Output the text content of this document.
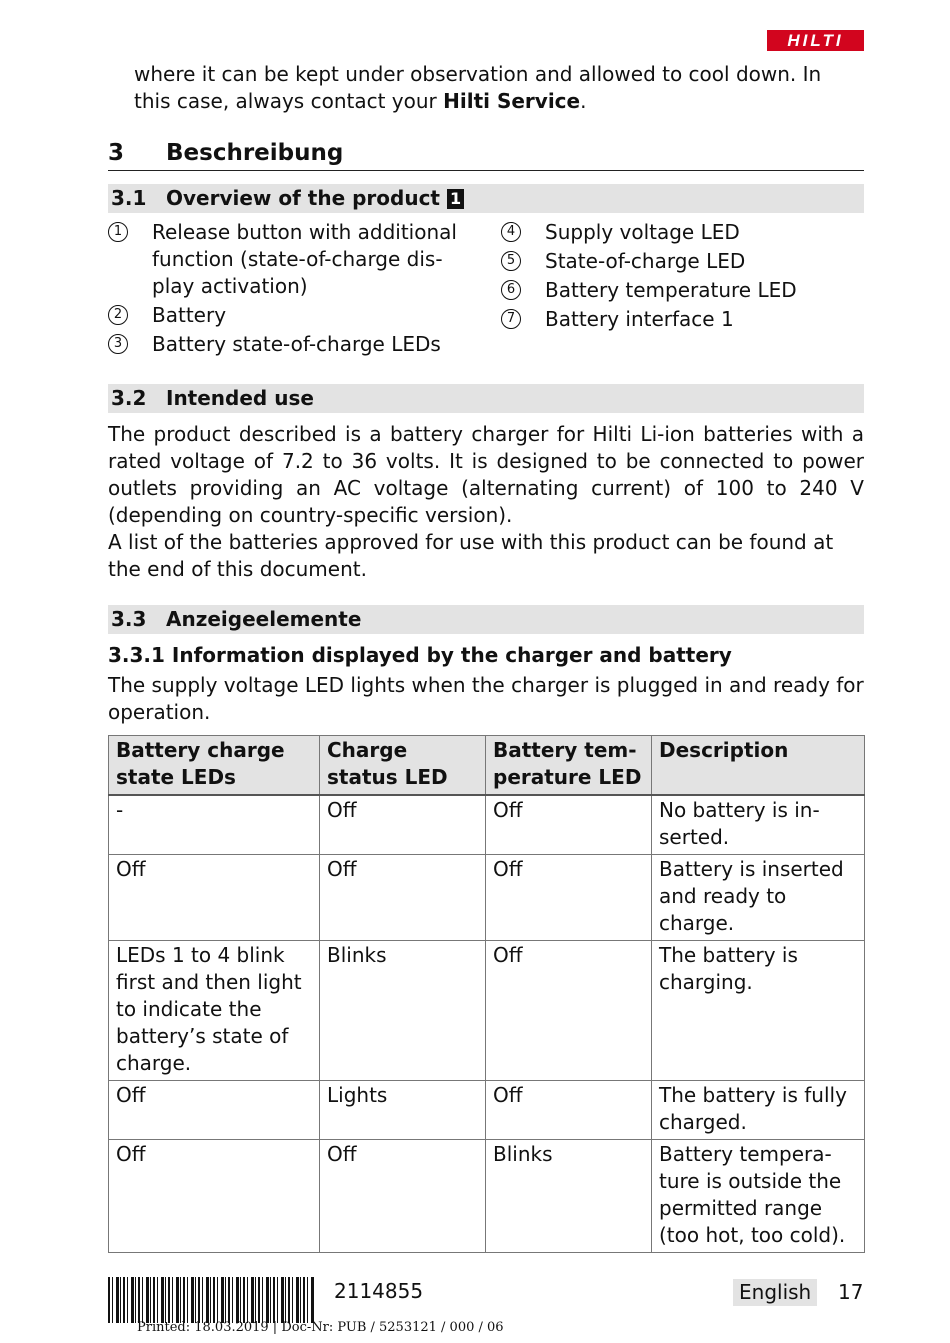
HILTI

where it can be kept under observation and allowed to cool down. In this case, always contact your Hilti Service.

3 Beschreibung
3.1 Overview of the product 1
1 Release button with additional function (state-of-charge dis-play activation)
2 Battery
3 Battery state-of-charge LEDs
4 Supply voltage LED
5 State-of-charge LED
6 Battery temperature LED
7 Battery interface 1
3.2 Intended use

The product described is a battery charger for Hilti Li-ion batteries with a rated voltage of 7.2 to 36 volts. It is designed to be connected to power outlets providing an AC voltage (alternating current) of 100 to 240 V (depending on country-specific version).

A list of the batteries approved for use with this product can be found at the end of this document.

3.3 Anzeigeelemente
3.3.1 Information displayed by the charger and battery

The supply voltage LED lights when the charger is plugged in and ready for operation.

Battery charge state LEDs	Charge status LED	Battery tem-perature LED	Description
-	Off	Off	No battery is in-serted.
Off	Off	Off	Battery is inserted and ready to charge.
LEDs 1 to 4 blink first and then light to indicate the battery’s state of charge.	Blinks	Off	The battery is charging.
Off	Lights	Off	The battery is fully charged.
Off	Off	Blinks	Battery tempera-ture is outside the permitted range (too hot, too cold).
2114855
Printed: 18.03.2019 | Doc-Nr: PUB / 5253121 / 000 / 06
English	17
